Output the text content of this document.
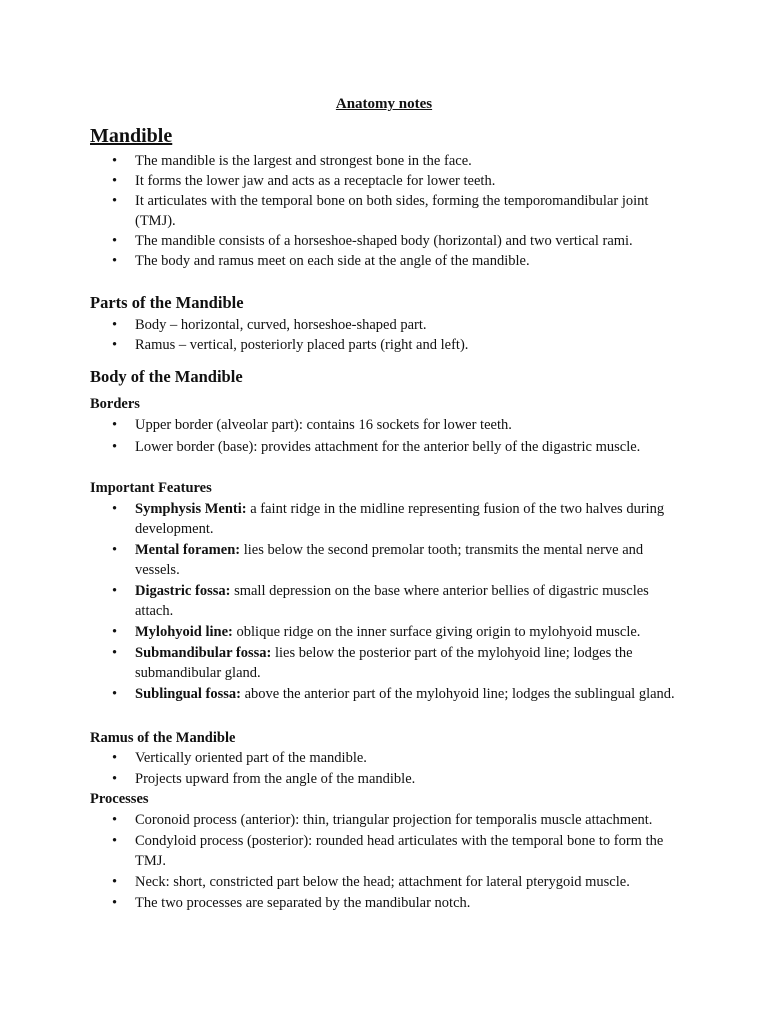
Anatomy notes
Mandible
• The mandible is the largest and strongest bone in the face.
• It forms the lower jaw and acts as a receptacle for lower teeth.
• It articulates with the temporal bone on both sides, forming the temporomandibular joint (TMJ).
• The mandible consists of a horseshoe-shaped body (horizontal) and two vertical rami.
• The body and ramus meet on each side at the angle of the mandible.
Parts of the Mandible
• Body – horizontal, curved, horseshoe-shaped part.
• Ramus – vertical, posteriorly placed parts (right and left).
Body of the Mandible
Borders
• Upper border (alveolar part): contains 16 sockets for lower teeth.
• Lower border (base): provides attachment for the anterior belly of the digastric muscle.
Important Features
• Symphysis Menti: a faint ridge in the midline representing fusion of the two halves during development.
• Mental foramen: lies below the second premolar tooth; transmits the mental nerve and vessels.
• Digastric fossa: small depression on the base where anterior bellies of digastric muscles attach.
• Mylohyoid line: oblique ridge on the inner surface giving origin to mylohyoid muscle.
• Submandibular fossa: lies below the posterior part of the mylohyoid line; lodges the submandibular gland.
• Sublingual fossa: above the anterior part of the mylohyoid line; lodges the sublingual gland.
Ramus of the Mandible
• Vertically oriented part of the mandible.
• Projects upward from the angle of the mandible.
Processes
• Coronoid process (anterior): thin, triangular projection for temporalis muscle attachment.
• Condyloid process (posterior): rounded head articulates with the temporal bone to form the TMJ.
• Neck: short, constricted part below the head; attachment for lateral pterygoid muscle.
• The two processes are separated by the mandibular notch.
